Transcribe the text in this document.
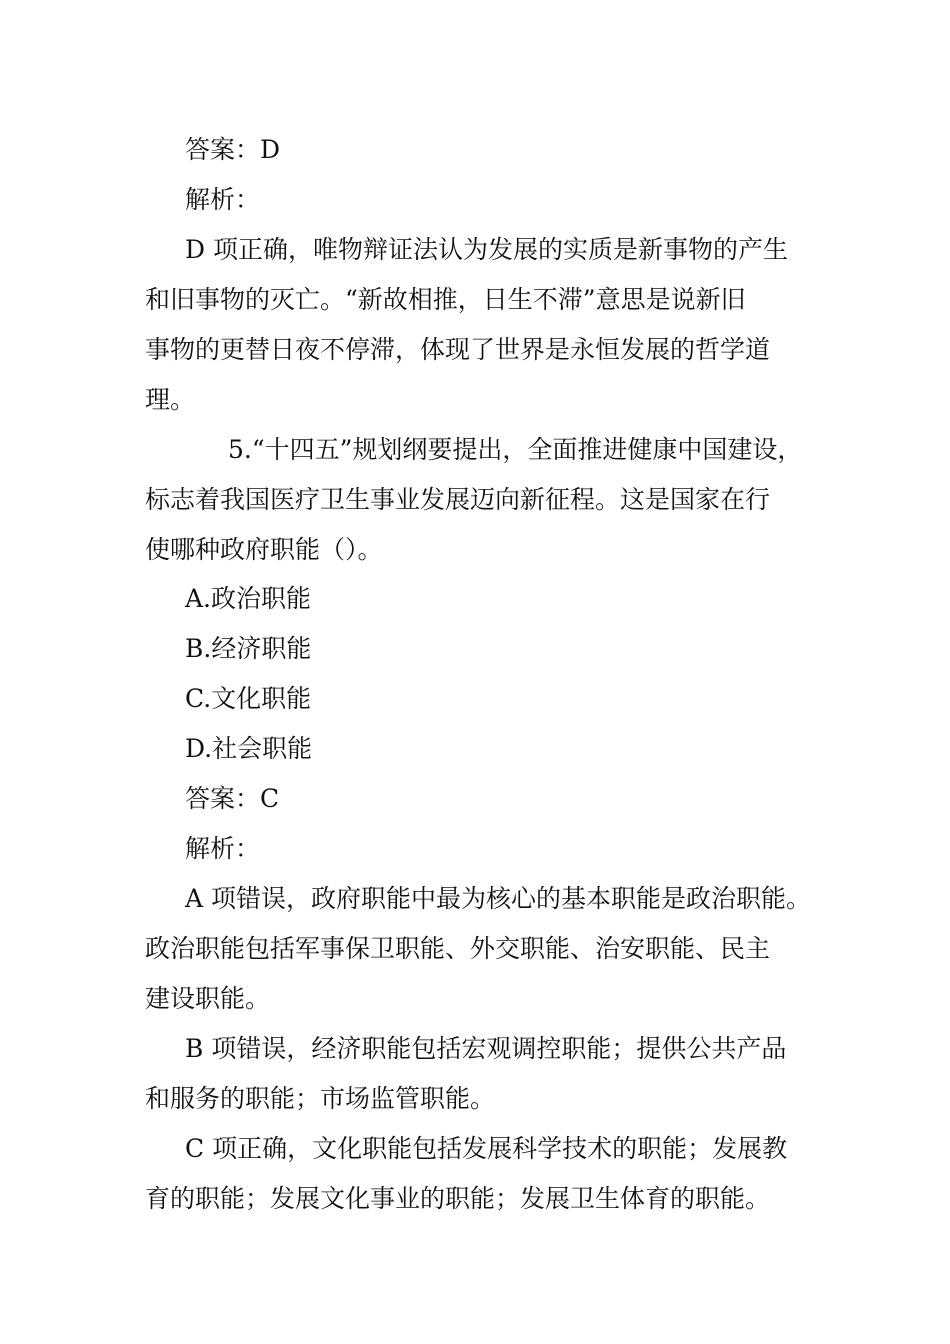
答案：D
解析：
D 项正确，唯物辩证法认为发展的实质是新事物的产生
和旧事物的灭亡。“新故相推，日生不滞”意思是说新旧
事物的更替日夜不停滞，体现了世界是永恒发展的哲学道
理。
5.“十四五”规划纲要提出，全面推进健康中国建设，
标志着我国医疗卫生事业发展迈向新征程。这是国家在行
使哪种政府职能（）。
A.政治职能
B.经济职能
C.文化职能
D.社会职能
答案：C
解析：
A 项错误，政府职能中最为核心的基本职能是政治职能。
政治职能包括军事保卫职能、外交职能、治安职能、民主
建设职能。
B 项错误，经济职能包括宏观调控职能；提供公共产品
和服务的职能；市场监管职能。
C 项正确，文化职能包括发展科学技术的职能；发展教
育的职能；发展文化事业的职能；发展卫生体育的职能。
